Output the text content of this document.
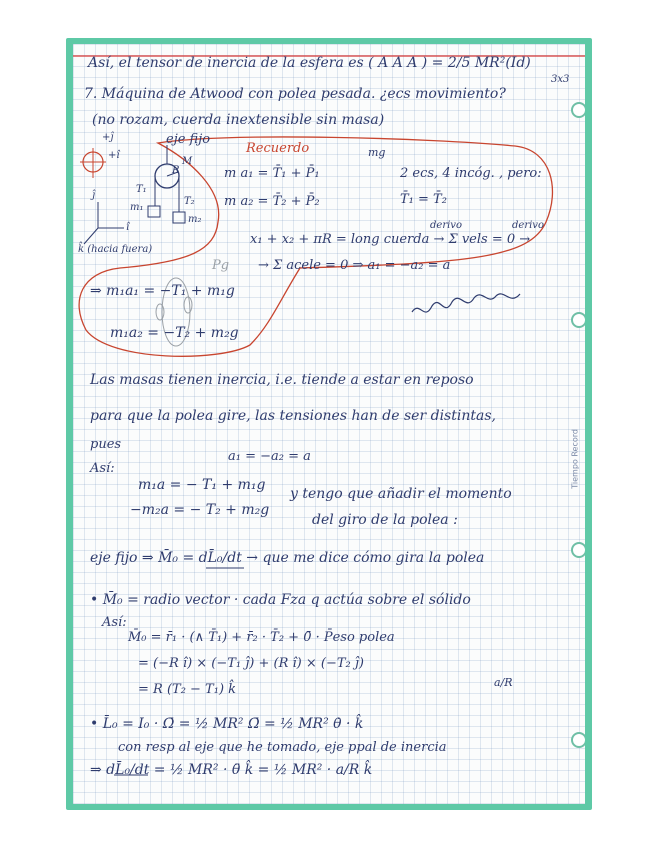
Tiempo Record
Así, el tensor de inercia de la esfera es ( A A A ) = 2/5 MR²(Id)
3x3
7. Máquina de Atwood con polea pesada. ¿ecs movimiento?
(no rozam, cuerda inextensible sin masa)
eje fijo
Recuerdo
m a₁ = T̄₁ + P̄₁
mg
2 ecs, 4 incóg. , pero:
m a₂ = T̄₂ + P̄₂	T̄₁ = T̄₂
x₁ + x₂ + πR = long cuerda → Σ vels = 0 →
derivo	derivo
→ Σ acele = 0 ⇒ a₁ = −a₂ = a
⇒ m₁a₁ = −T₁ + m₁g
m₁a₂ = −T₂ + m₂g
Las masas tienen inercia, i.e. tiende a estar en reposo
para que la polea gire, las tensiones han de ser distintas,
pues
a₁ = −a₂ = a
Así:
m₁a = − T₁ + m₁g
y tengo que añadir el momento
−m₂a = − T₂ + m₂g
del giro de la polea :
eje fijo ⇒ M̄₀ = dL̄₀/dt → que me dice cómo gira la polea
• M̄₀ = radio vector · cada Fza q actúa sobre el sólido
Así:
M̄₀ = r̄₁ · (∧ T̄₁) + r̄₂ · T̄₂ + 0̄ · P̄eso polea
= (−R î) × (−T₁ ĵ) + (R î) × (−T₂ ĵ)
= R (T₂ − T₁) k̂	a/R
• L̄₀ = I₀ · Ω̄ = ½ MR² Ω̄ = ½ MR² θ̇ · k̂
con resp al eje que he tomado, eje ppal de inercia
⇒ dL̄₀/dt = ½ MR² · θ̈ k̂ = ½ MR² · a/R k̂
+ĵ
+î
R
M
T₁
T₂
m₁
m₂
ĵ
î
k̂ (hacia fuera)
Pg
